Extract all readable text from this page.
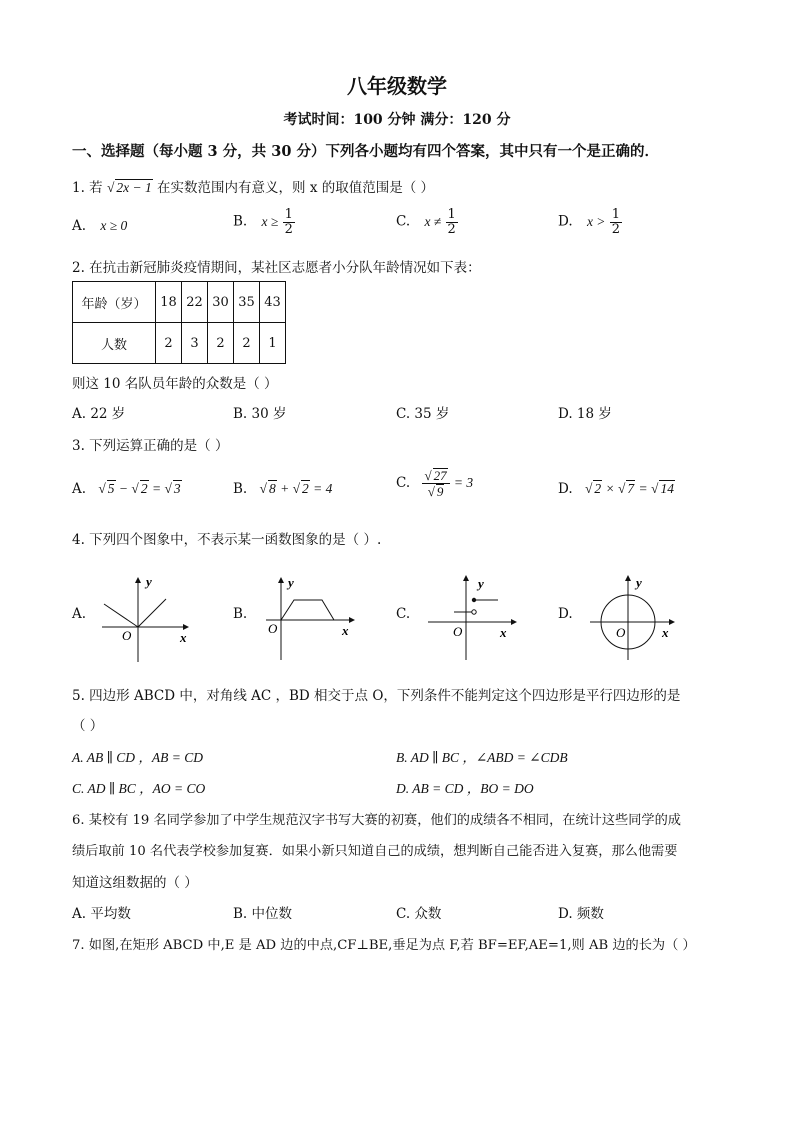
八年级数学
考试时间：100 分钟 满分：120 分
一、选择题（每小题 3 分，共 30 分）下列各小题均有四个答案，其中只有一个是正确的．
1. 若 √ 2x − 1 在实数范围内有意义，则 x 的取值范围是（ ）
A. x ≥ 0	B. $x \ge \frac{1}{2}$	C. $x \ne \frac{1}{2}$	D. $x > \frac{1}{2}$
2. 在抗击新冠肺炎疫情期间，某社区志愿者小分队年龄情况如下表：
年龄（岁）	18	22	30	35	43
人数	2	3	2	2	1
则这 10 名队员年龄的众数是（ ）
A. 22 岁	B. 30 岁	C. 35 岁	D. 18 岁
3. 下列运算正确的是（ ）
A. √ 5 − √ 2 = √ 3	B. √ 8 + √ 2 = 4	C. $\frac{√ 27}{√ 9} = 3$	D. √ 2 × √ 7 = √ 14
4. 下列四个图象中，不表示某一函数图象的是（ ）.
A.	B.	C.	D.
y
x
O
y
x
O
y
x
O
y
x
O
5. 四边形 ABCD 中，对角线 AC ，BD 相交于点 O，下列条件不能判定这个四边形是平行四边形的是
（ ）
A. AB ∥ CD ，AB = CD	B. AD ∥ BC ，∠ABD = ∠CDB
C. AD ∥ BC ，AO = CO	D. AB = CD ，BO = DO
6. 某校有 19 名同学参加了中学生规范汉字书写大赛的初赛，他们的成绩各不相同，在统计这些同学的成
绩后取前 10 名代表学校参加复赛．如果小新只知道自己的成绩，想判断自己能否进入复赛，那么他需要
知道这组数据的（ ）
A. 平均数	B. 中位数	C. 众数	D. 频数
7. 如图,在矩形 ABCD 中,E 是 AD 边的中点,CF⊥BE,垂足为点 F,若 BF=EF,AE=1,则 AB 边的长为（ ）
